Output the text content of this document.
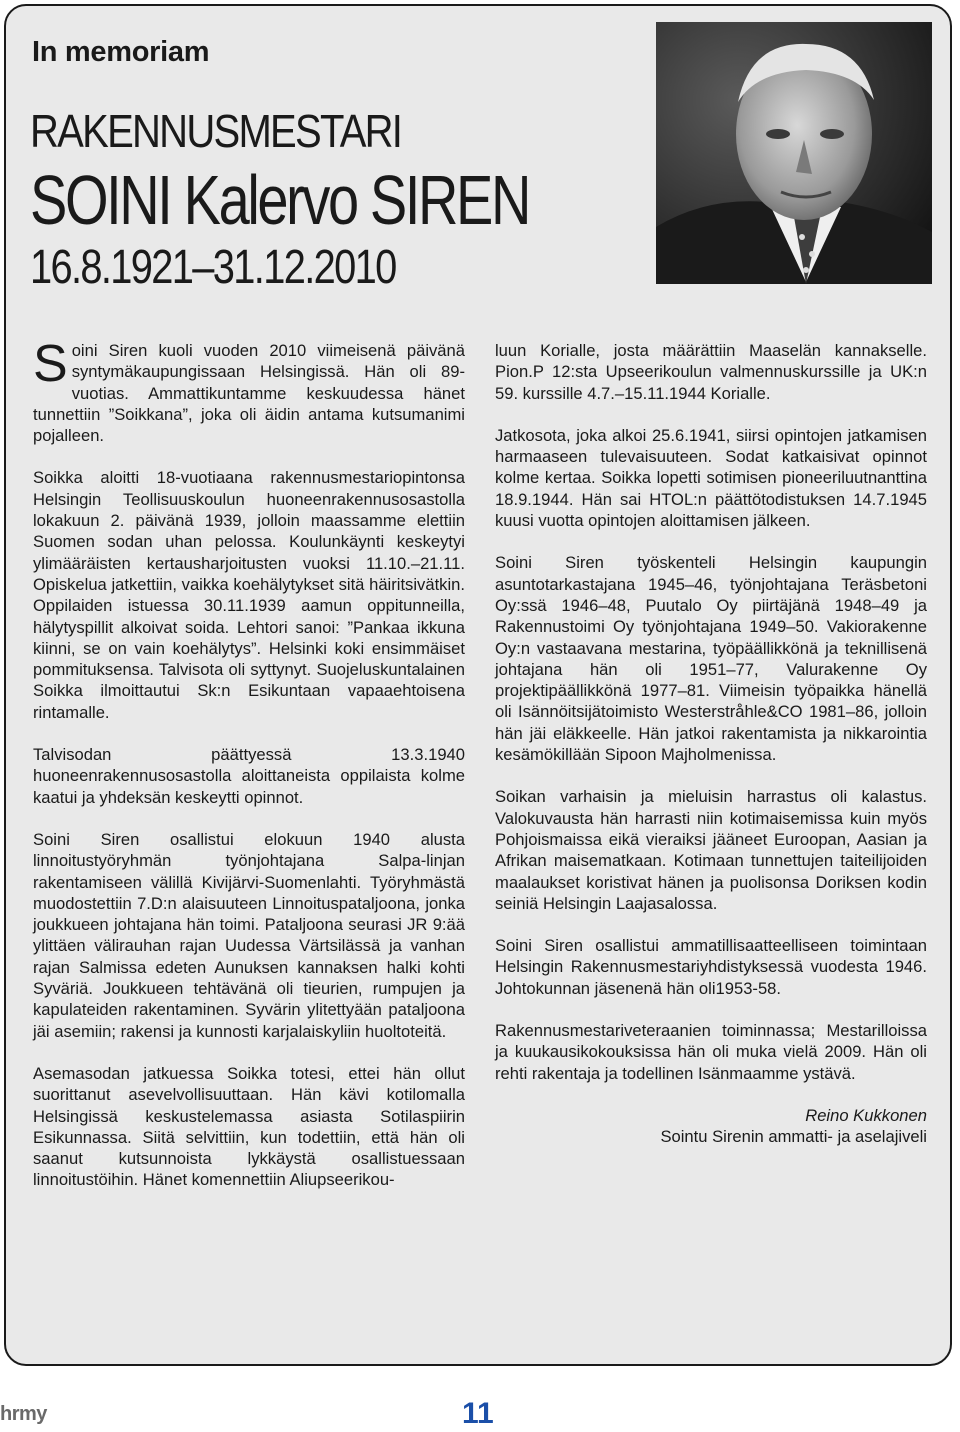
In memoriam
RAKENNUSMESTARI
SOINI Kalervo SIREN
16.8.1921–31.12.2010

Soini Siren kuoli vuoden 2010 viimeisenä päivänä syntymäkaupungissaan Helsingissä. Hän oli 89-vuotias. Ammattikuntamme keskuudessa hänet tunnettiin ”Soikkana”, joka oli äidin antama kutsumanimi pojalleen.

Soikka aloitti 18-vuotiaana rakennusmestariopintonsa Helsingin Teollisuuskoulun huoneenrakennusosastolla lokakuun 2. päivänä 1939, jolloin maassamme elettiin Suomen sodan uhan pelossa. Koulunkäynti keskeytyi ylimääräisten kertausharjoitusten vuoksi 11.10.–21.11. Opiskelua jatkettiin, vaikka koehälytykset sitä häiritsivätkin. Oppilaiden istuessa 30.11.1939 aamun oppitunneilla, hälytyspillit alkoivat soida. Lehtori sanoi: ”Pankaa ikkuna kiinni, se on vain koehälytys”. Helsinki koki ensimmäiset pommituksensa. Talvisota oli syttynyt. Suojeluskuntalainen Soikka ilmoittautui Sk:n Esikuntaan vapaaehtoisena rintamalle.

Talvisodan päättyessä 13.3.1940 huoneenrakennusosastolla aloittaneista oppilaista kolme kaatui ja yhdeksän keskeytti opinnot.

Soini Siren osallistui elokuun 1940 alusta linnoitustyöryhmän työnjohtajana Salpa-linjan rakentamiseen välillä Kivijärvi-Suomenlahti. Työryhmästä muodostettiin 7.D:n alaisuuteen Linnoituspataljoona, jonka joukkueen johtajana hän toimi. Pataljoona seurasi JR 9:ää ylittäen välirauhan rajan Uudessa Värtsilässä ja vanhan rajan Salmissa edeten Aunuksen kannaksen halki kohti Syväriä. Joukkueen tehtävänä oli tieurien, rumpujen ja kapulateiden rakentaminen. Syvärin ylitettyään pataljoona jäi asemiin; rakensi ja kunnosti karjalaiskyliin huoltoteitä.

Asemasodan jatkuessa Soikka totesi, ettei hän ollut suorittanut asevelvollisuuttaan. Hän kävi kotilomalla Helsingissä keskustelemassa asiasta Sotilaspiirin Esikunnassa. Siitä selvittiin, kun todettiin, että hän oli saanut kutsunnoista lykkäystä osallistuessaan linnoitustöihin. Hänet komennettiin Aliupseerikou-

luun Korialle, josta määrättiin Maaselän kannakselle. Pion.P 12:sta Upseerikoulun valmennuskurssille ja UK:n 59. kurssille 4.7.–15.11.1944 Korialle.

Jatkosota, joka alkoi 25.6.1941, siirsi opintojen jatkamisen harmaaseen tulevaisuuteen. Sodat katkaisivat opinnot kolme kertaa. Soikka lopetti sotimisen pioneeriluutnanttina 18.9.1944. Hän sai HTOL:n päättötodistuksen 14.7.1945 kuusi vuotta opintojen aloittamisen jälkeen.

Soini Siren työskenteli Helsingin kaupungin asuntotarkastajana 1945–46, työnjohtajana Teräsbetoni Oy:ssä 1946–48, Puutalo Oy piirtäjänä 1948–49 ja Rakennustoimi Oy työnjohtajana 1949–50. Vakiorakenne Oy:n vastaavana mestarina, työpäällikkönä ja teknillisenä johtajana hän oli 1951–77, Valurakenne Oy projektipäällikkönä 1977–81. Viimeisin työpaikka hänellä oli Isännöitsijätoimisto Westerstråhle&CO 1981–86, jolloin hän jäi eläkkeelle. Hän jatkoi rakentamista ja nikkarointia kesämökillään Sipoon Majholmenissa.

Soikan varhaisin ja mieluisin harrastus oli kalastus. Valokuvausta hän harrasti niin kotimaisemissa kuin myös Pohjoismaissa eikä vieraiksi jääneet Euroopan, Aasian ja Afrikan maisematkaan. Kotimaan tunnettujen taiteilijoiden maalaukset koristivat hänen ja puolisonsa Doriksen kodin seiniä Helsingin Laajasalossa.

Soini Siren osallistui ammatillisaatteelliseen toimintaan Helsingin Rakennusmestariyhdistyksessä vuodesta 1946. Johtokunnan jäsenenä hän oli1953-58.

Rakennusmestariveteraanien toiminnassa; Mestarilloissa ja kuukausikokouksissa hän oli muka vielä 2009. Hän oli rehti rakentaja ja todellinen Isänmaamme ystävä.

Reino Kukkonen
Sointu Sirenin ammatti- ja aselajiveli
hrmy	11
